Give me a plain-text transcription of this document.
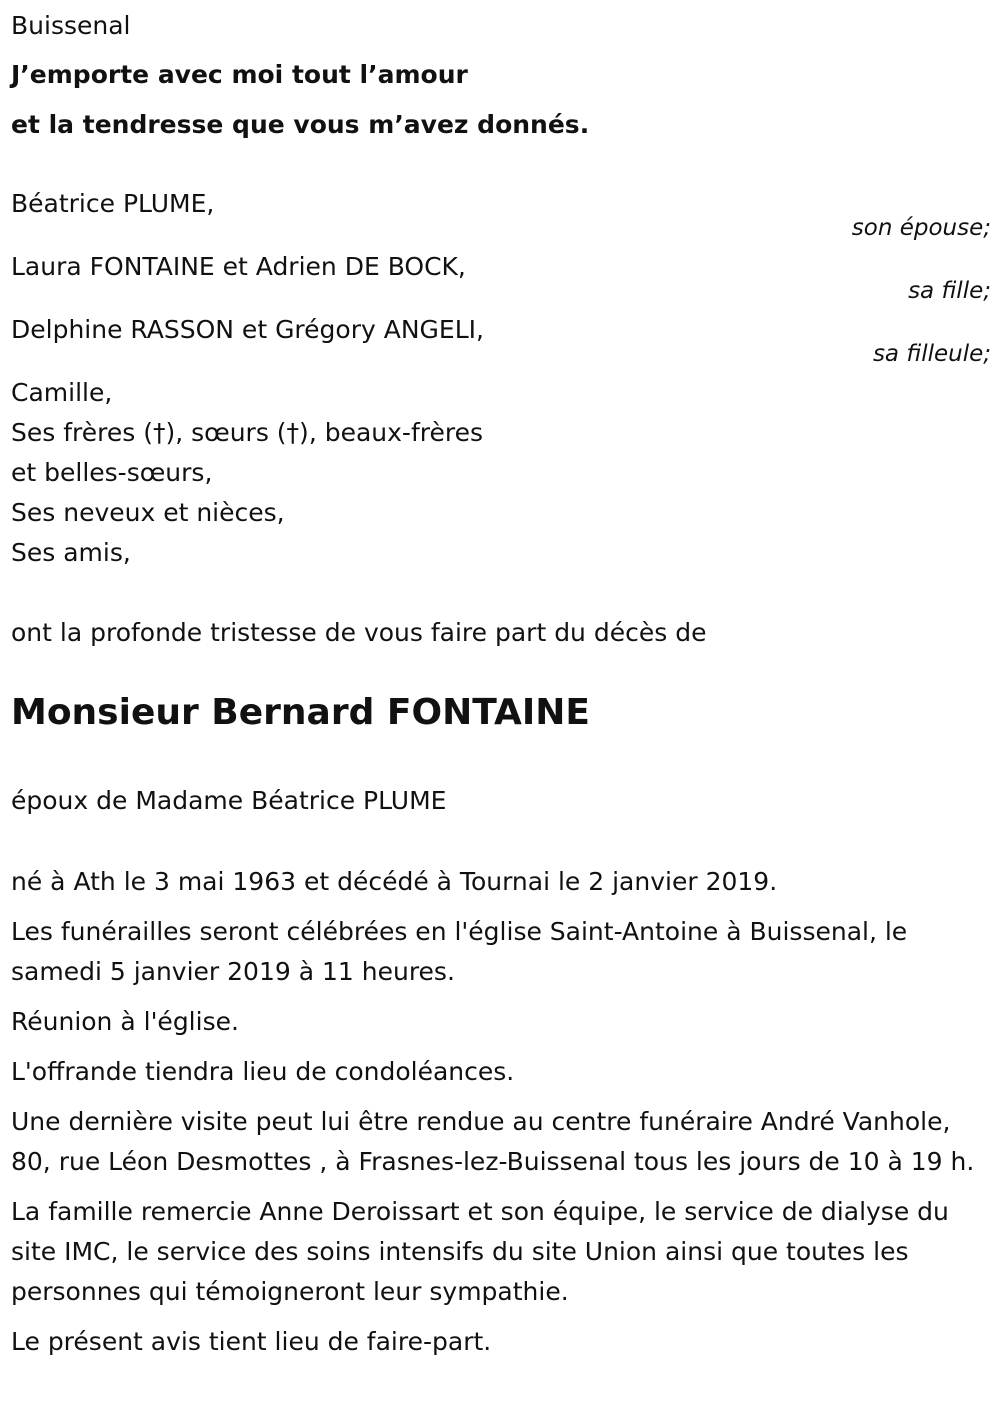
Buissenal

J’emporte avec moi tout l’amour

et la tendresse que vous m’avez donnés.

Béatrice PLUME,
son épouse;
Laura FONTAINE et Adrien DE BOCK,
sa fille;
Delphine RASSON et Grégory ANGELI,
sa filleule;

Camille,

Ses frères (†), sœurs (†), beaux-frères

et belles-sœurs,

Ses neveux et nièces,

Ses amis,

ont la profonde tristesse de vous faire part du décès de

Monsieur Bernard FONTAINE

époux de Madame Béatrice PLUME

né à Ath le 3 mai 1963 et décédé à Tournai le 2 janvier 2019.

Les funérailles seront célébrées en l'église Saint-Antoine à Buissenal, le samedi 5 janvier 2019 à 11 heures.

Réunion à l'église.

L'offrande tiendra lieu de condoléances.

Une dernière visite peut lui être rendue au centre funéraire André Vanhole, 80, rue Léon Desmottes , à Frasnes-lez-Buissenal tous les jours de 10 à 19 h.

La famille remercie Anne Deroissart et son équipe, le service de dialyse du site IMC, le service des soins intensifs du site Union ainsi que toutes les personnes qui témoigneront leur sympathie.

Le présent avis tient lieu de faire-part.
